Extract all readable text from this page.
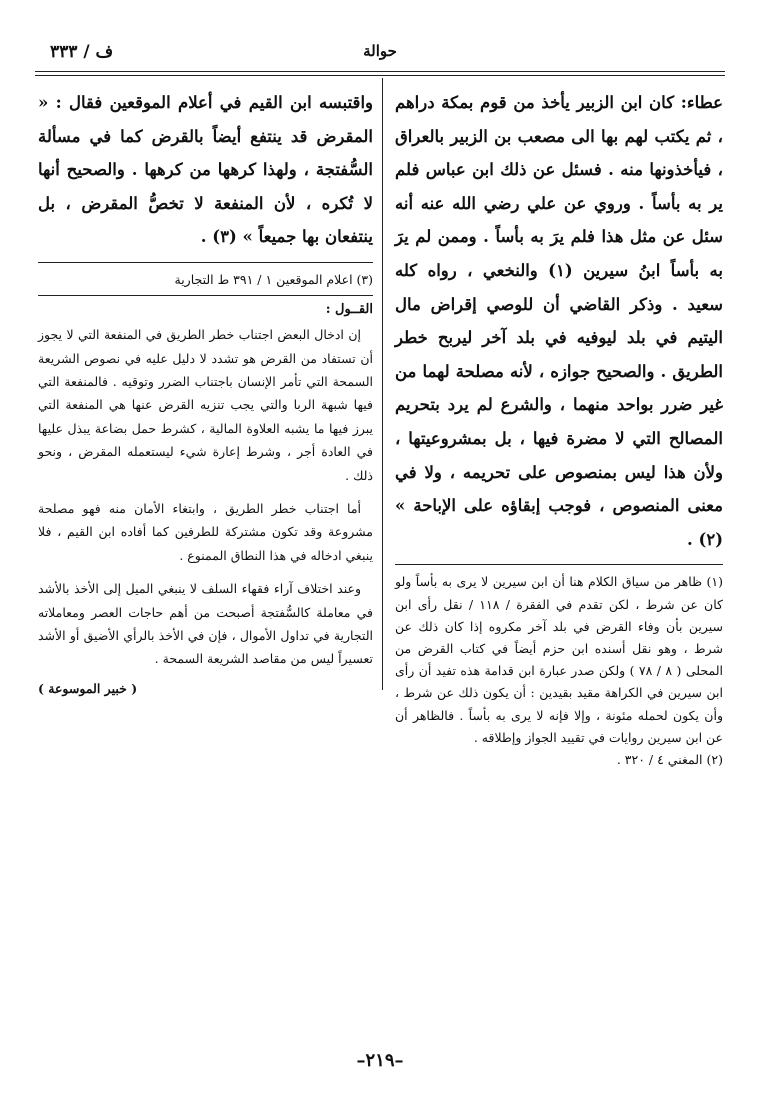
ف / ٣٣٣	حوالة

عطاء: كان ابن الزبير يأخذ من قوم بمكة دراهم ، ثم يكتب لهم بها الى مصعب بن الزبير بالعراق ، فيأخذونها منه . فسئل عن ذلك ابن عباس فلم ير به بأساً . وروي عن علي رضي الله عنه أنه سئل عن مثل هذا فلم يرَ به بأساً . وممن لم يرَ به بأساً ابنُ سيرين (١) والنخعي ، رواه كله سعيد . وذكر القاضي أن للوصي إقراض مال اليتيم في بلد ليوفيه في بلد آخر ليربح خطر الطريق . والصحيح جوازه ، لأنه مصلحة لهما من غير ضرر بواحد منهما ، والشرع لم يرد بتحريم المصالح التي لا مضرة فيها ، بل بمشروعيتها ، ولأن هذا ليس بمنصوص على تحريمه ، ولا في معنى المنصوص ، فوجب إبقاؤه على الإباحة » (٢) .

(١) ظاهر من سياق الكلام هنا أن ابن سيرين لا يرى به بأساً ولو كان عن شرط ، لكن تقدم في الفقرة / ١١٨ / نقل رأى ابن سيرين بأن وفاء القرض في بلد آخر مكروه إذا كان ذلك عن شرط ، وهو نقل أسنده ابن حزم أيضاً في كتاب القرض من المحلى ( ٨ / ٧٨ ) ولكن صدر عبارة ابن قدامة هذه تفيد أن رأى ابن سيرين في الكراهة مقيد بقيدين : أن يكون ذلك عن شرط ، وأن يكون لحمله مئونة ، وإلا فإنه لا يرى به بأساً . فالظاهر أن عن ابن سيرين روايات في تقييد الجواز وإطلاقه .
(٢) المغني ٤ / ٣٢٠ .

واقتبسه ابن القيم في أعلام الموقعين فقال : « المقرض قد ينتفع أيضاً بالقرض كما في مسألة السُّفتجة ، ولهذا كرهها من كرهها . والصحيح أنها لا تُكره ، لأن المنفعة لا تخصُّ المقرض ، بل ينتفعان بها جميعاً » (٣) .

(٣) اعلام الموقعين ١ / ٣٩١ ط التجارية
القــول :

إن ادخال البعض اجتناب خطر الطريق في المنفعة التي لا يجوز أن تستفاد من القرض هو تشدد لا دليل عليه في نصوص الشريعة السمحة التي تأمر الإنسان باجتناب الضرر وتوقيه . فالمنفعة التي فيها شبهة الربا والتي يجب تنزيه القرض عنها هي المنفعة التي يبرز فيها ما يشبه العلاوة المالية ، كشرط حمل بضاعة يبذل عليها في العادة أجر ، وشرط إعارة شيء ليستعمله المقرض ، ونحو ذلك .

أما اجتناب خطر الطريق ، وابتغاء الأمان منه فهو مصلحة مشروعة وقد تكون مشتركة للطرفين كما أفاده ابن القيم ، فلا ينبغي ادخاله في هذا النطاق الممنوع .

وعند اختلاف آراء فقهاء السلف لا ينبغي الميل إلى الأخذ بالأشد في معاملة كالسُّفتجة أصبحت من أهم حاجات العصر ومعاملاته التجارية في تداول الأموال ، فإن في الأخذ بالرأي الأضيق أو الأشد تعسيراً ليس من مقاصد الشريعة السمحة .

( خبير الموسوعة )
–٢١٩–
